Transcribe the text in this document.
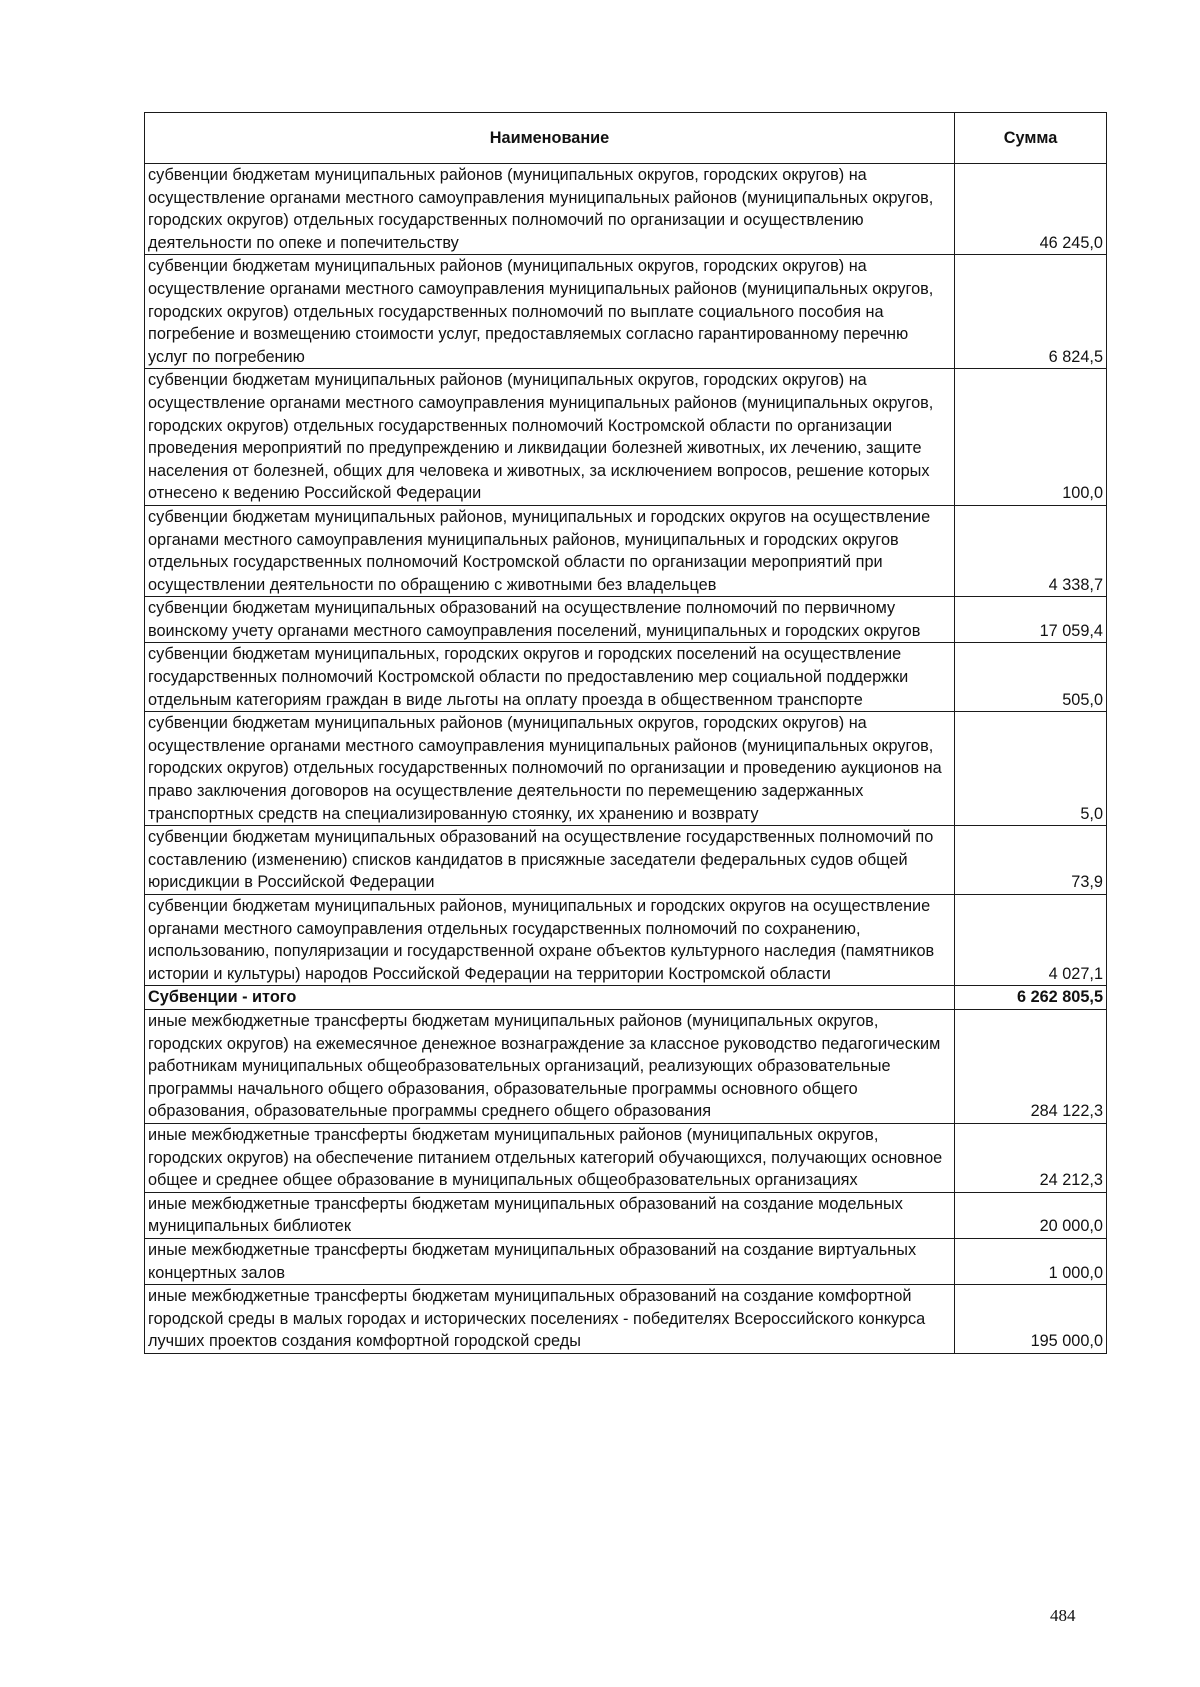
Наименование	Сумма
субвенции бюджетам муниципальных районов (муниципальных округов, городских округов) на осуществление органами местного самоуправления муниципальных районов (муниципальных округов, городских округов) отдельных государственных полномочий по организации и осуществлению деятельности по опеке и попечительству	46 245,0
субвенции бюджетам муниципальных районов (муниципальных округов, городских округов) на осуществление органами местного самоуправления муниципальных районов (муниципальных округов, городских округов) отдельных государственных полномочий по выплате социального пособия на погребение и возмещению стоимости услуг, предоставляемых согласно гарантированному перечню услуг по погребению	6 824,5
субвенции бюджетам муниципальных районов (муниципальных округов, городских округов) на осуществление органами местного самоуправления муниципальных районов (муниципальных округов, городских округов) отдельных государственных полномочий Костромской области по организации проведения мероприятий по предупреждению и ликвидации болезней животных, их лечению, защите населения от болезней, общих для человека и животных, за исключением вопросов, решение которых отнесено к ведению Российской Федерации	100,0
субвенции бюджетам муниципальных районов, муниципальных и городских округов на осуществление органами местного самоуправления муниципальных районов, муниципальных и городских округов отдельных государственных полномочий Костромской области по организации мероприятий при осуществлении деятельности по обращению с животными без владельцев	4 338,7
субвенции бюджетам муниципальных образований на осуществление полномочий по первичному воинскому учету органами местного самоуправления поселений, муниципальных и городских округов	17 059,4
субвенции бюджетам муниципальных, городских округов и городских поселений на осуществление государственных полномочий Костромской области по предоставлению мер социальной поддержки отдельным категориям граждан в виде льготы на оплату проезда в общественном транспорте	505,0
субвенции бюджетам муниципальных районов (муниципальных округов, городских округов) на осуществление органами местного самоуправления муниципальных районов (муниципальных округов, городских округов) отдельных государственных полномочий по организации и проведению аукционов на право заключения договоров на осуществление деятельности по перемещению задержанных транспортных средств на специализированную стоянку, их хранению и возврату	5,0
субвенции бюджетам муниципальных образований на осуществление государственных полномочий по составлению (изменению) списков кандидатов в присяжные заседатели федеральных судов общей юрисдикции в Российской Федерации	73,9
субвенции бюджетам муниципальных районов, муниципальных и городских округов на осуществление органами местного самоуправления отдельных государственных полномочий по сохранению, использованию, популяризации и государственной охране объектов культурного наследия (памятников истории и культуры) народов Российской Федерации на территории Костромской области	4 027,1
Субвенции - итого	6 262 805,5
иные межбюджетные трансферты бюджетам муниципальных районов (муниципальных округов, городских округов) на ежемесячное денежное вознаграждение за классное руководство педагогическим работникам муниципальных общеобразовательных организаций, реализующих образовательные программы начального общего образования, образовательные программы основного общего образования, образовательные программы среднего общего образования	284 122,3
иные межбюджетные трансферты бюджетам муниципальных районов (муниципальных округов, городских округов) на обеспечение питанием отдельных категорий обучающихся, получающих основное общее и среднее общее образование в муниципальных общеобразовательных организациях	24 212,3
иные межбюджетные трансферты бюджетам муниципальных образований на создание модельных муниципальных библиотек	20 000,0
иные межбюджетные трансферты бюджетам муниципальных образований на создание виртуальных концертных залов	1 000,0
иные межбюджетные трансферты бюджетам муниципальных образований на создание комфортной городской среды в малых городах и исторических поселениях - победителях Всероссийского конкурса лучших проектов создания комфортной городской среды	195 000,0
484
